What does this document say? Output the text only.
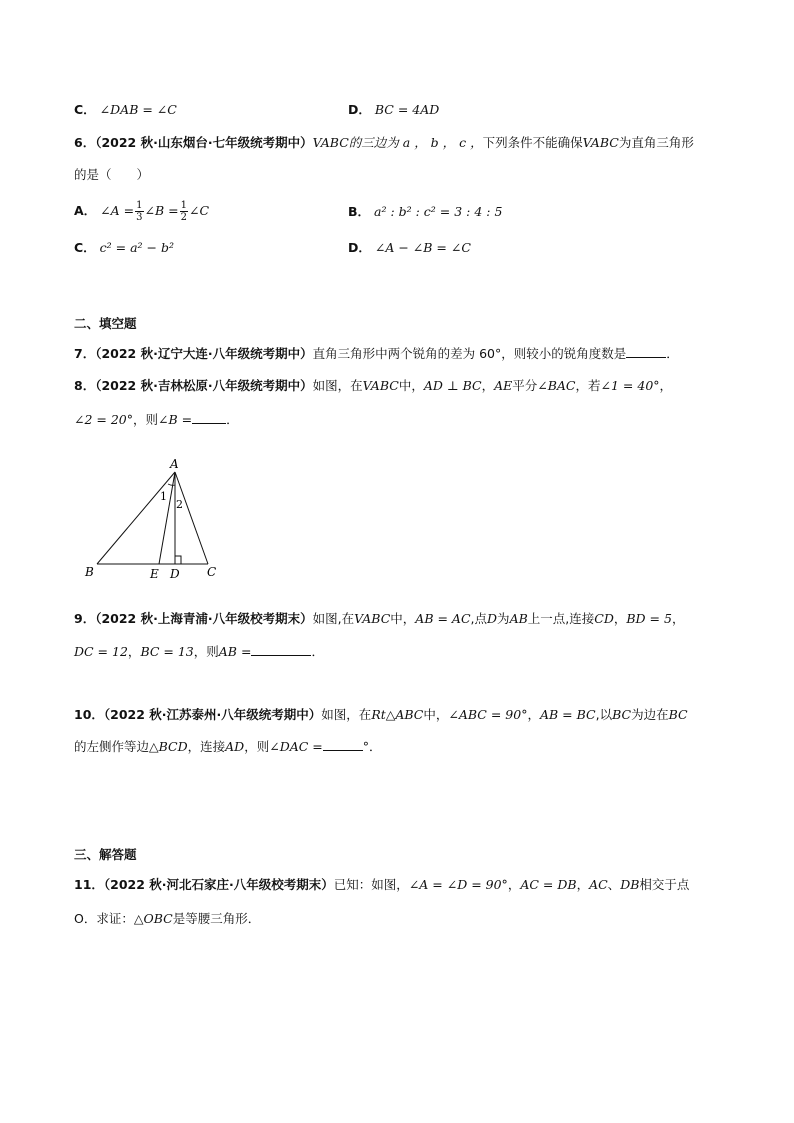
C． ∠DAB = ∠C	D． BC = 4AD
6．（2022 秋·山东烟台·七年级统考期中）VABC的三边为 a ， b ， c ，下列条件不能确保VABC为直角三角形
的是（　　）
A． ∠A = $\frac{1}{3}$ ∠B = $\frac{1}{2}$ ∠C	B． a² : b² : c² = 3 : 4 : 5
C． c² = a² − b²	D． ∠A − ∠B = ∠C
二、填空题
7．（2022 秋·辽宁大连·八年级统考期中）直角三角形中两个锐角的差为 60°，则较小的锐角度数是	．
8．（2022 秋·吉林松原·八年级统考期中）如图，在VABC中，AD ⊥ BC，AE平分∠BAC，若∠1 = 40°，
∠2 = 20°，则∠B =	．
A
1
2
B	E D C
9．（2022 秋·上海青浦·八年级校考期末）如图,在VABC中，AB = AC,点D为AB上一点,连接CD，BD = 5，
DC = 12，BC = 13，则AB =	．
10．（2022 秋·江苏泰州·八年级统考期中）如图，在Rt△ABC中，∠ABC = 90°，AB = BC,以BC为边在BC
的左侧作等边△BCD，连接AD，则∠DAC =	°．
三、解答题
11．（2022 秋·河北石家庄·八年级校考期末）已知：如图，∠A = ∠D = 90°，AC = DB，AC、DB相交于点
O．求证：△OBC是等腰三角形．
